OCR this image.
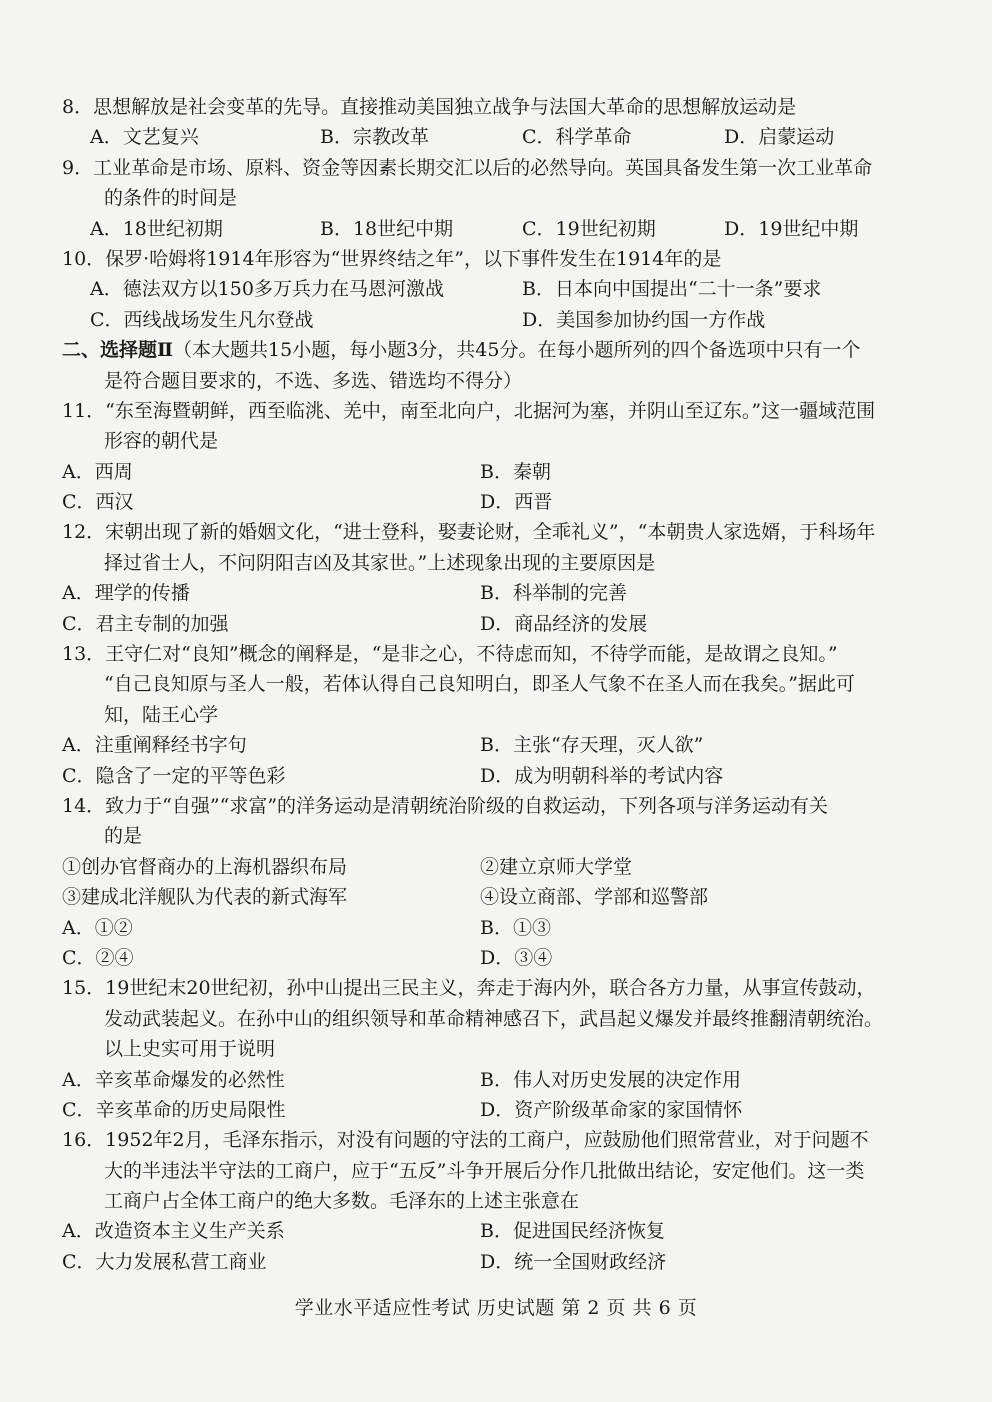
8．思想解放是社会变革的先导。直接推动美国独立战争与法国大革命的思想解放运动是
A．文艺复兴	B．宗教改革	C．科学革命	D．启蒙运动
9．工业革命是市场、原料、资金等因素长期交汇以后的必然导向。英国具备发生第一次工业革命
的条件的时间是
A．18世纪初期	B．18世纪中期	C．19世纪初期	D．19世纪中期
10．保罗·哈姆将1914年形容为“世界终结之年”，以下事件发生在1914年的是
A．德法双方以150多万兵力在马恩河激战	B．日本向中国提出“二十一条”要求
C．西线战场发生凡尔登战	D．美国参加协约国一方作战
二、选择题Ⅱ（本大题共15小题，每小题3分，共45分。在每小题所列的四个备选项中只有一个
是符合题目要求的，不选、多选、错选均不得分）
11．“东至海暨朝鲜，西至临洮、羌中，南至北向户，北据河为塞，并阴山至辽东。”这一疆域范围
形容的朝代是
A．西周	B．秦朝
C．西汉	D．西晋
12．宋朝出现了新的婚姻文化，“进士登科，娶妻论财，全乖礼义”，“本朝贵人家选婿，于科场年
择过省士人，不问阴阳吉凶及其家世。”上述现象出现的主要原因是
A．理学的传播	B．科举制的完善
C．君主专制的加强	D．商品经济的发展
13．王守仁对“良知”概念的阐释是，“是非之心，不待虑而知，不待学而能，是故谓之良知。”
“自己良知原与圣人一般，若体认得自己良知明白，即圣人气象不在圣人而在我矣。”据此可
知，陆王心学
A．注重阐释经书字句	B．主张“存天理，灭人欲”
C．隐含了一定的平等色彩	D．成为明朝科举的考试内容
14．致力于“自强”“求富”的洋务运动是清朝统治阶级的自救运动，下列各项与洋务运动有关
的是
①创办官督商办的上海机器织布局	②建立京师大学堂
③建成北洋舰队为代表的新式海军	④设立商部、学部和巡警部
A．①②	B．①③
C．②④	D．③④
15．19世纪末20世纪初，孙中山提出三民主义，奔走于海内外，联合各方力量，从事宣传鼓动，
发动武装起义。在孙中山的组织领导和革命精神感召下，武昌起义爆发并最终推翻清朝统治。
以上史实可用于说明
A．辛亥革命爆发的必然性	B．伟人对历史发展的决定作用
C．辛亥革命的历史局限性	D．资产阶级革命家的家国情怀
16．1952年2月，毛泽东指示，对没有问题的守法的工商户，应鼓励他们照常营业，对于问题不
大的半违法半守法的工商户，应于“五反”斗争开展后分作几批做出结论，安定他们。这一类
工商户占全体工商户的绝大多数。毛泽东的上述主张意在
A．改造资本主义生产关系	B．促进国民经济恢复
C．大力发展私营工商业	D．统一全国财政经济
学业水平适应性考试 历史试题 第 2 页 共 6 页
